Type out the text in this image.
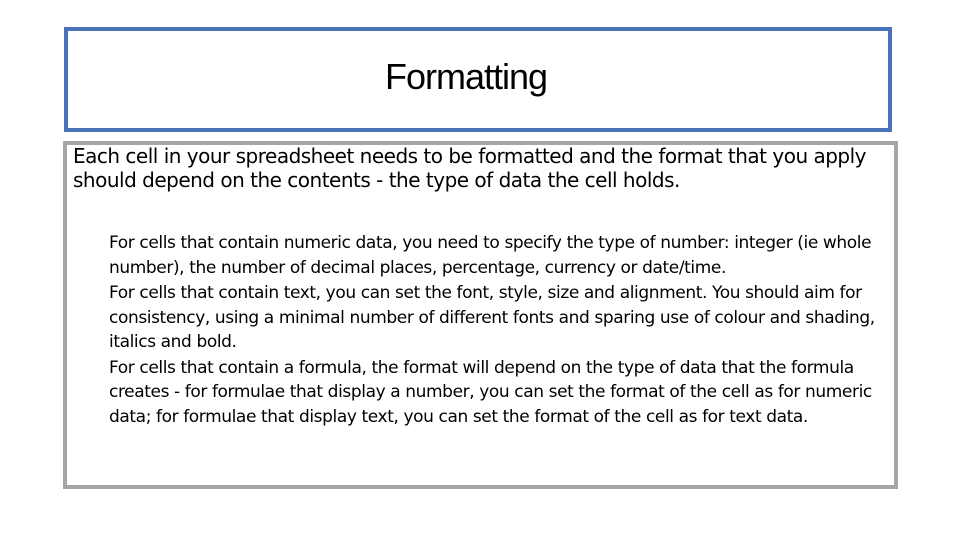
Formatting

Each cell in your spreadsheet needs to be formatted and the format that you apply should depend on the contents - the type of data the cell holds.

For cells that contain numeric data, you need to specify the type of number: integer (ie whole number), the number of decimal places, percentage, currency or date/time.
For cells that contain text, you can set the font, style, size and alignment. You should aim for consistency, using a minimal number of different fonts and sparing use of colour and shading, italics and bold.
For cells that contain a formula, the format will depend on the type of data that the formula creates - for formulae that display a number, you can set the format of the cell as for numeric data; for formulae that display text, you can set the format of the cell as for text data.
